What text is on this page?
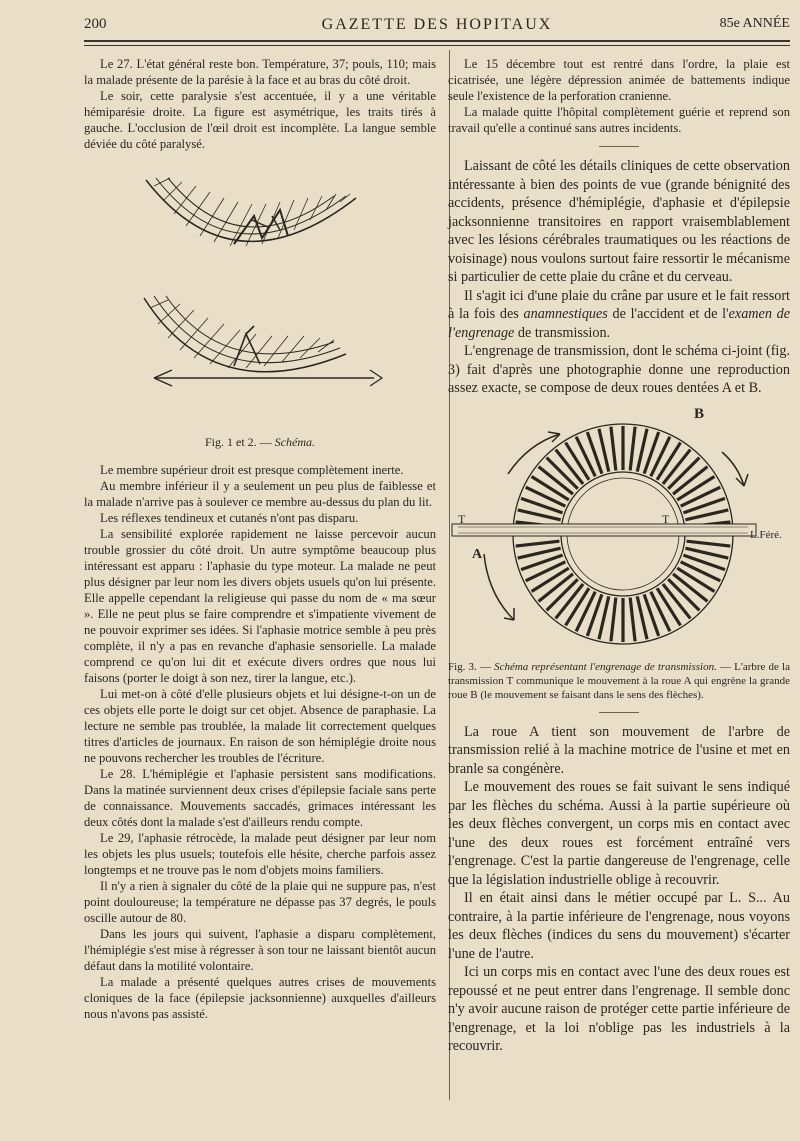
200	GAZETTE DES HOPITAUX	85e ANNÉE

Le 27. L'état général reste bon. Température, 37; pouls, 110; mais la malade présente de la parésie à la face et au bras du côté droit.

Le soir, cette paralysie s'est accentuée, il y a une véritable hémiparésie droite. La figure est asymétrique, les traits tirés à gauche. L'occlusion de l'œil droit est incomplète. La langue semble déviée du côté paralysé.

Fig. 1 et 2. — Schéma.

Le membre supérieur droit est presque complètement inerte.

Au membre inférieur il y a seulement un peu plus de faiblesse et la malade n'arrive pas à soulever ce membre au-dessus du plan du lit.

Les réflexes tendineux et cutanés n'ont pas disparu.

La sensibilité explorée rapidement ne laisse percevoir aucun trouble grossier du côté droit. Un autre symptôme beaucoup plus intéressant est apparu : l'aphasie du type moteur. La malade ne peut plus désigner par leur nom les divers objets usuels qu'on lui présente. Elle appelle cependant la religieuse qui passe du nom de « ma sœur ». Elle ne peut plus se faire comprendre et s'impatiente vivement de ne pouvoir exprimer ses idées. Si l'aphasie motrice semble à peu près complète, il n'y a pas en revanche d'aphasie sensorielle. La malade comprend ce qu'on lui dit et exécute divers ordres que nous lui faisons (porter le doigt à son nez, tirer la langue, etc.).

Lui met-on à côté d'elle plusieurs objets et lui désigne-t-on un de ces objets elle porte le doigt sur cet objet. Absence de paraphasie. La lecture ne semble pas troublée, la malade lit correctement quelques titres d'articles de journaux. En raison de son hémiplégie droite nous ne pouvons rechercher les troubles de l'écriture.

Le 28. L'hémiplégie et l'aphasie persistent sans modifications. Dans la matinée surviennent deux crises d'épilepsie faciale sans perte de connaissance. Mouvements saccadés, grimaces intéressant les deux côtés dont la malade s'est d'ailleurs rendu compte.

Le 29, l'aphasie rétrocède, la malade peut désigner par leur nom les objets les plus usuels; toutefois elle hésite, cherche parfois assez longtemps et ne trouve pas le nom d'objets moins familiers.

Il n'y a rien à signaler du côté de la plaie qui ne suppure pas, n'est point douloureuse; la température ne dépasse pas 37 degrés, le pouls oscille autour de 80.

Dans les jours qui suivent, l'aphasie a disparu complètement, l'hémiplégie s'est mise à régresser à son tour ne laissant bientôt aucun défaut dans la motilité volontaire.

La malade a présenté quelques autres crises de mouvements cloniques de la face (épilepsie jacksonnienne) auxquelles d'ailleurs nous n'avons pas assisté.

Le 15 décembre tout est rentré dans l'ordre, la plaie est cicatrisée, une légère dépression animée de battements indique seule l'existence de la perforation cranienne.

La malade quitte l'hôpital complètement guérie et reprend son travail qu'elle a continué sans autres incidents.

Laissant de côté les détails cliniques de cette observation intéressante à bien des points de vue (grande bénignité des accidents, présence d'hémiplégie, d'aphasie et d'épilepsie jacksonnienne transitoires en rapport vraisemblablement avec les lésions cérébrales traumatiques ou les réactions de voisinage) nous voulons surtout faire ressortir le mécanisme si particulier de cette plaie du crâne et du cerveau.

Il s'agit ici d'une plaie du crâne par usure et le fait ressort à la fois des anamnestiques de l'accident et de l'examen de l'engrenage de transmission.

L'engrenage de transmission, dont le schéma ci-joint (fig. 3) fait d'après une photographie donne une reproduction assez exacte, se compose de deux roues dentées A et B.

B
A
T	T
L.Féré.
Fig. 3. — Schéma représentant l'engrenage de transmission. — L'arbre de la transmission T communique le mouvement à la roue A qui engrène la grande roue B (le mouvement se faisant dans le sens des flèches).

La roue A tient son mouvement de l'arbre de transmission relié à la machine motrice de l'usine et met en branle sa congénère.

Le mouvement des roues se fait suivant le sens indiqué par les flèches du schéma. Aussi à la partie supérieure où les deux flèches convergent, un corps mis en contact avec l'une des deux roues est forcément entraîné vers l'engrenage. C'est la partie dangereuse de l'engrenage, celle que la législation industrielle oblige à recouvrir.

Il en était ainsi dans le métier occupé par L. S... Au contraire, à la partie inférieure de l'engrenage, nous voyons les deux flèches (indices du sens du mouvement) s'écarter l'une de l'autre.

Ici un corps mis en contact avec l'une des deux roues est repoussé et ne peut entrer dans l'engrenage. Il semble donc n'y avoir aucune raison de protéger cette partie inférieure de l'engrenage, et la loi n'oblige pas les industriels à la recouvrir.
